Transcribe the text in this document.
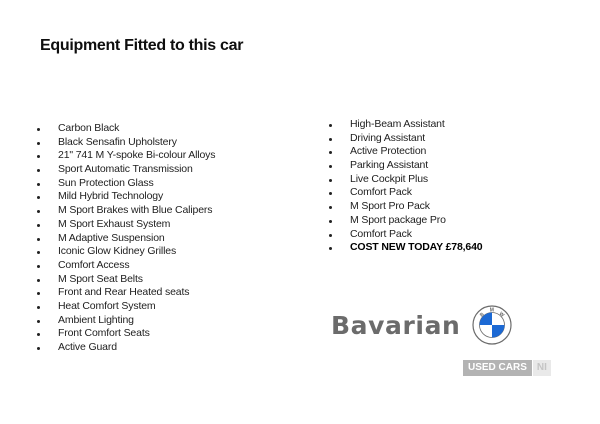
Equipment Fitted to this car
Carbon Black
Black Sensafin Upholstery
21" 741 M Y-spoke Bi-colour Alloys
Sport Automatic Transmission
Sun Protection Glass
Mild Hybrid Technology
M Sport Brakes with Blue Calipers
M Sport Exhaust System
M Adaptive Suspension
Iconic Glow Kidney Grilles
Comfort Access
M Sport Seat Belts
Front and Rear Heated seats
Heat Comfort System
Ambient Lighting
Front Comfort Seats
Active Guard
High-Beam Assistant
Driving Assistant
Active Protection
Parking Assistant
Live Cockpit Plus
Comfort Pack
M Sport Pro Pack
M Sport package Pro
Comfort Pack
COST NEW TODAY £78,640
Bavarian	B
M
W
USED CARS	NI
